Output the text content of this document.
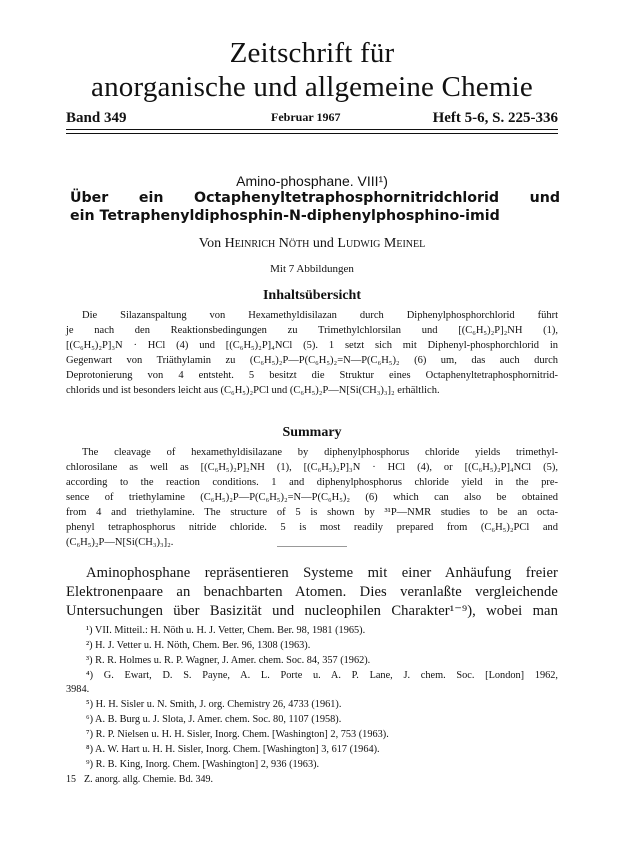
Zeitschrift für
anorganische und allgemeine Chemie
Band 349	Februar 1967	Heft 5-6, S. 225-336
Amino-phosphane. VIII¹)
Über ein Octaphenyltetraphosphornitridchlorid und
ein Tetraphenyldiphosphin-N-diphenylphosphino-imid
Von Heinrich Nöth und Ludwig Meinel
Mit 7 Abbildungen
Inhaltsübersicht
Die Silazanspaltung von Hexamethyldisilazan durch Diphenylphosphorchlorid führt
je nach den Reaktionsbedingungen zu Trimethylchlorsilan und [(C₆H₅)₂P]₂NH (1),
[(C₆H₅)₂P]₃N · HCl (4) und [(C₆H₅)₂P]₄NCl (5). 1 setzt sich mit Diphenyl-phosphorchlorid in
Gegenwart von Triäthylamin zu (C₆H₅)₂P—P(C₆H₅)₂=N—P(C₆H₅)₂ (6) um, das auch durch
Deprotonierung von 4 entsteht. 5 besitzt die Struktur eines Octaphenyltetraphosphornitrid-
chlorids und ist besonders leicht aus (C₆H₅)₂PCl und (C₆H₅)₂P—N[Si(CH₃)₃]₂ erhältlich.
Summary
The cleavage of hexamethyldisilazane by diphenylphosphorus chloride yields trimethyl-
chlorosilane as well as [(C₆H₅)₂P]₂NH (1), [(C₆H₅)₂P]₃N · HCl (4), or [(C₆H₅)₂P]₄NCl (5),
according to the reaction conditions. 1 and diphenylphosphorus chloride yield in the pre-
sence of triethylamine (C₆H₅)₂P—P(C₆H₅)₂=N—P(C₆H₅)₂ (6) which can also be obtained
from 4 and triethylamine. The structure of 5 is shown by ³¹P—NMR studies to be an octa-
phenyl tetraphosphorus nitride chloride. 5 is most readily prepared from (C₆H₅)₂PCl and
(C₆H₅)₂P—N[Si(CH₃)₃]₂.
Aminophosphane repräsentieren Systeme mit einer Anhäufung freier
Elektronenpaare an benachbarten Atomen. Dies veranlaßte vergleichende
Untersuchungen über Basizität und nucleophilen Charakter¹⁻⁹), wobei man
¹) VII. Mitteil.: H. Nöth u. H. J. Vetter, Chem. Ber. 98, 1981 (1965).
²) H. J. Vetter u. H. Nöth, Chem. Ber. 96, 1308 (1963).
³) R. R. Holmes u. R. P. Wagner, J. Amer. chem. Soc. 84, 357 (1962).
⁴) G. Ewart, D. S. Payne, A. L. Porte u. A. P. Lane, J. chem. Soc. [London] 1962,
3984.
⁵) H. H. Sisler u. N. Smith, J. org. Chemistry 26, 4733 (1961).
⁶) A. B. Burg u. J. Slota, J. Amer. chem. Soc. 80, 1107 (1958).
⁷) R. P. Nielsen u. H. H. Sisler, Inorg. Chem. [Washington] 2, 753 (1963).
⁸) A. W. Hart u. H. H. Sisler, Inorg. Chem. [Washington] 3, 617 (1964).
⁹) R. B. King, Inorg. Chem. [Washington] 2, 936 (1963).
15 Z. anorg. allg. Chemie. Bd. 349.
